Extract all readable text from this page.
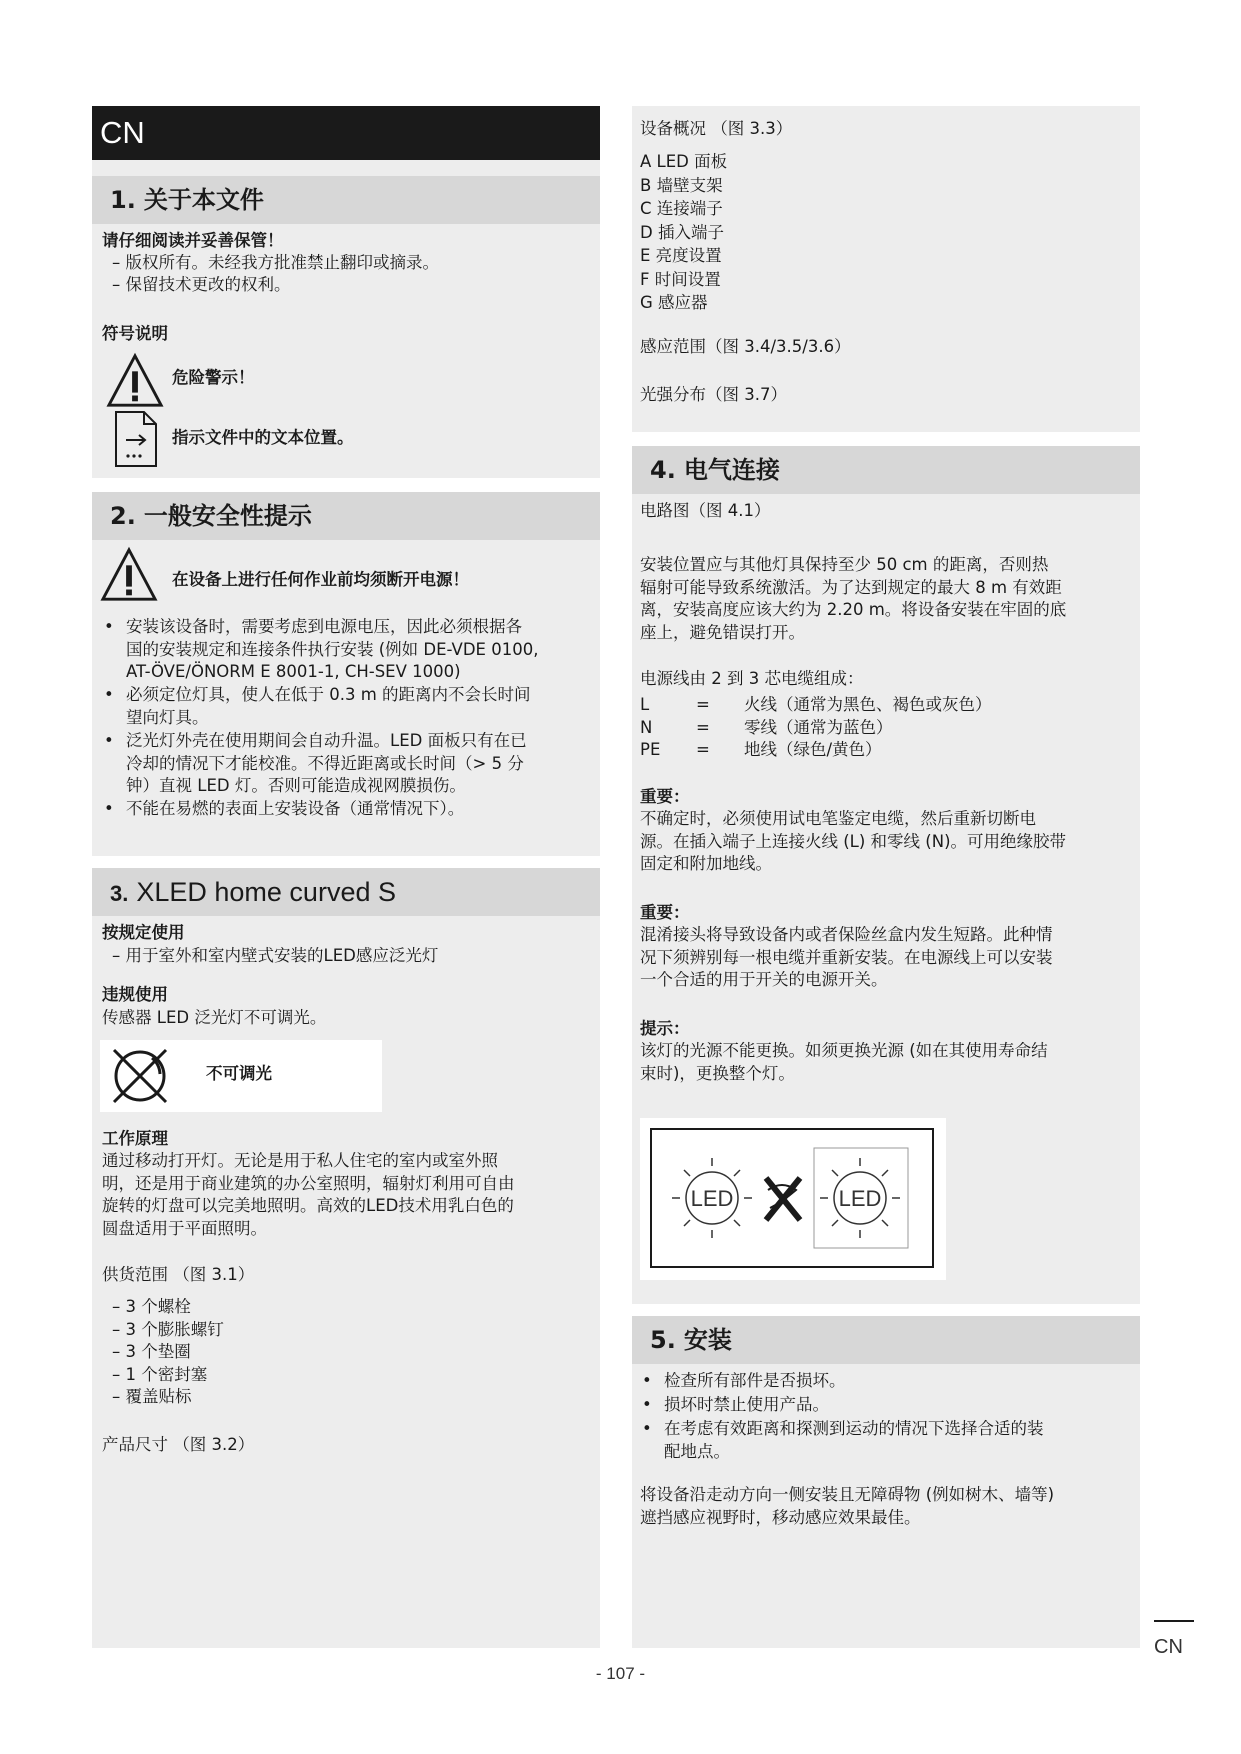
CN
1. 关于本文件
请仔细阅读并妥善保管！
– 版权所有。未经我方批准禁止翻印或摘录。
– 保留技术更改的权利。
符号说明
危险警示！
指示文件中的文本位置。
2. 一般安全性提示
在设备上进行任何作业前均须断开电源！
• 安装该设备时，需要考虑到电源电压，因此必须根据各
国的安装规定和连接条件执行安装 (例如 DE-VDE 0100,
AT-ÖVE/ÖNORM E 8001-1, CH-SEV 1000)
• 必须定位灯具，使人在低于 0.3 m 的距离内不会长时间
望向灯具。
• 泛光灯外壳在使用期间会自动升温。LED 面板只有在已
冷却的情况下才能校准。不得近距离或长时间（> 5 分
钟）直视 LED 灯。否则可能造成视网膜损伤。
• 不能在易燃的表面上安装设备（通常情况下）。
3. XLED home curved S
按规定使用
– 用于室外和室内壁式安装的LED感应泛光灯
违规使用
传感器 LED 泛光灯不可调光。
不可调光
工作原理
通过移动打开灯。无论是用于私人住宅的室内或室外照
明，还是用于商业建筑的办公室照明，辐射灯利用可自由
旋转的灯盘可以完美地照明。高效的LED技术用乳白色的
圆盘适用于平面照明。
供货范围 （图 3.1）
– 3 个螺栓
– 3 个膨胀螺钉
– 3 个垫圈
– 1 个密封塞
– 覆盖贴标
产品尺寸 （图 3.2）
设备概况 （图 3.3）
A LED 面板
B 墙壁支架
C 连接端子
D 插入端子
E 亮度设置
F 时间设置
G 感应器
感应范围（图 3.4/3.5/3.6）
光强分布（图 3.7）
4. 电气连接
电路图（图 4.1）
安装位置应与其他灯具保持至少 50 cm 的距离，否则热
辐射可能导致系统激活。为了达到规定的最大 8 m 有效距
离，安装高度应该大约为 2.20 m。将设备安装在牢固的底
座上，避免错误打开。
电源线由 2 到 3 芯电缆组成：
L	= 火线（通常为黑色、褐色或灰色）
N	= 零线（通常为蓝色）
PE = 地线（绿色/黄色）
重要：
不确定时，必须使用试电笔鉴定电缆，然后重新切断电
源。在插入端子上连接火线 (L) 和零线 (N)。可用绝缘胶带
固定和附加地线。
重要：
混淆接头将导致设备内或者保险丝盒内发生短路。此种情
况下须辨别每一根电缆并重新安装。在电源线上可以安装
一个合适的用于开关的电源开关。
提示：
该灯的光源不能更换。如须更换光源 (如在其使用寿命结
束时)，更换整个灯。
LED	LED
5. 安装
• 检查所有部件是否损坏。
• 损坏时禁止使用产品。
• 在考虑有效距离和探测到运动的情况下选择合适的装
配地点。
将设备沿走动方向一侧安装且无障碍物 (例如树木、墙等)
遮挡感应视野时，移动感应效果最佳。
- 107 -
CN
